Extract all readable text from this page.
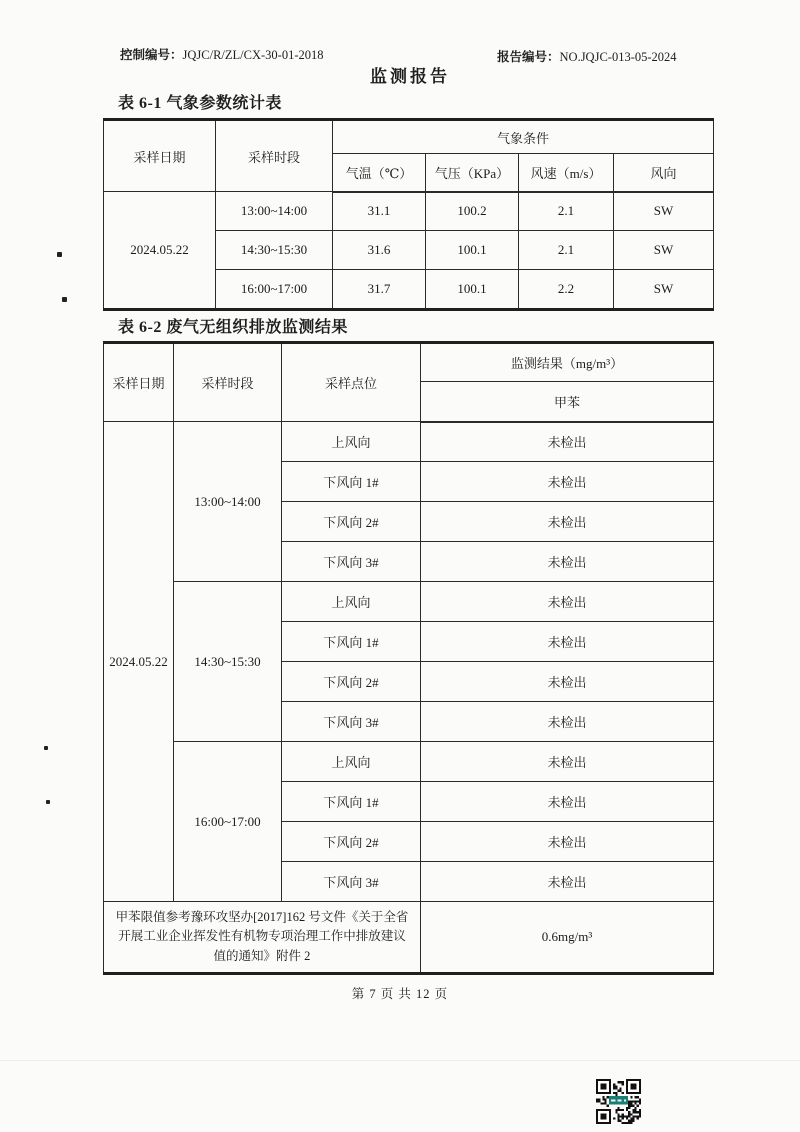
控制编号：JQJC/R/ZL/CX-30-01-2018	报告编号：NO.JQJC-013-05-2024
监测报告
表 6-1 气象参数统计表
采样日期	采样时段	气象条件			
		气温（℃）	气压（KPa）	风速（m/s）	风向
2024.05.22	13:00~14:00	31.1	100.2	2.1	SW
	14:30~15:30	31.6	100.1	2.1	SW
	16:00~17:00	31.7	100.1	2.2	SW
表 6-2 废气无组织排放监测结果
采样日期	采样时段	采样点位	监测结果（mg/m³）
			甲苯
2024.05.22	13:00~14:00	上风向	未检出
		下风向 1#	未检出
		下风向 2#	未检出
		下风向 3#	未检出
	14:30~15:30	上风向	未检出
		下风向 1#	未检出
		下风向 2#	未检出
		下风向 3#	未检出
	16:00~17:00	上风向	未检出
		下风向 1#	未检出
		下风向 2#	未检出
		下风向 3#	未检出
甲苯限值参考豫环攻坚办[2017]162 号文件《关于全省开展工业企业挥发性有机物专项治理工作中排放建议值的通知》附件 2			0.6mg/m³
第 7 页 共 12 页
